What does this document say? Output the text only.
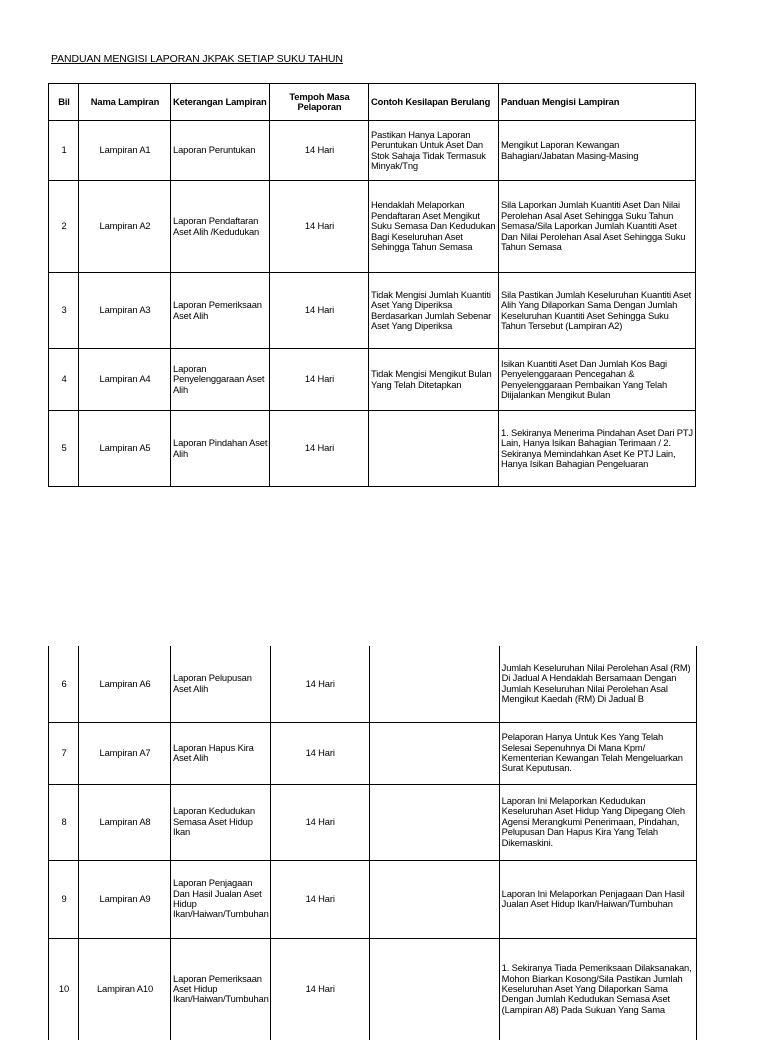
PANDUAN MENGISI LAPORAN JKPAK SETIAP SUKU TAHUN
Bil	Nama Lampiran	Keterangan Lampiran	Tempoh Masa Pelaporan	Contoh Kesilapan Berulang	Panduan Mengisi Lampiran
1	Lampiran A1	Laporan Peruntukan	14 Hari	Pastikan Hanya Laporan Peruntukan Untuk Aset Dan Stok Sahaja Tidak Termasuk Minyak/Tng	Mengikut Laporan Kewangan Bahagian/Jabatan Masing-Masing
2	Lampiran A2	Laporan Pendaftaran Aset Alih /Kedudukan	14 Hari	Hendaklah Melaporkan Pendaftaran Aset Mengikut Suku Semasa Dan Kedudukan Bagi Keseluruhan Aset Sehingga Tahun Semasa	Sila Laporkan Jumlah Kuantiti Aset Dan Nilai Perolehan Asal Aset Sehingga Suku Tahun Semasa/Sila Laporkan Jumlah Kuantiti Aset Dan Nilai Perolehan Asal Aset Sehingga Suku Tahun Semasa
3	Lampiran A3	Laporan Pemeriksaan Aset Alih	14 Hari	Tidak Mengisi Jumlah Kuantiti Aset Yang Diperiksa Berdasarkan Jumlah Sebenar Aset Yang Diperiksa	Sila Pastikan Jumlah Keseluruhan Kuantiti Aset Alih Yang Dilaporkan Sama Dengan Jumlah Keseluruhan Kuantiti Aset Sehingga Suku Tahun Tersebut (Lampiran A2)
4	Lampiran A4	Laporan Penyelenggaraan Aset Alih	14 Hari	Tidak Mengisi Mengikut Bulan Yang Telah Ditetapkan	Isikan Kuantiti Aset Dan Jumlah Kos Bagi Penyelenggaraan Pencegahan & Penyelenggaraan Pembaikan Yang Telah Diijalankan Mengikut Bulan
5	Lampiran A5	Laporan Pindahan Aset Alih	14 Hari		1. Sekiranya Menerima Pindahan Aset Dari PTJ Lain, Hanya Isikan Bahagian Terimaan / 2. Sekiranya Memindahkan Aset Ke PTJ Lain, Hanya Isikan Bahagian Pengeluaran
6	Lampiran A6	Laporan Pelupusan Aset Alih	14 Hari		Jumlah Keseluruhan Nilai Perolehan Asal (RM) Di Jadual A Hendaklah Bersamaan Dengan Jumlah Keseluruhan Nilai Perolehan Asal Mengikut Kaedah (RM) Di Jadual B
7	Lampiran A7	Laporan Hapus Kira Aset Alih	14 Hari		Pelaporan Hanya Untuk Kes Yang Telah Selesai Sepenuhnya Di Mana Kpm/ Kementerian Kewangan Telah Mengeluarkan Surat Keputusan.
8	Lampiran A8	Laporan Kedudukan Semasa Aset Hidup Ikan	14 Hari		Laporan Ini Melaporkan Kedudukan Keseluruhan Aset Hidup Yang Dipegang Oleh Agensi Merangkumi Penerimaan, Pindahan, Pelupusan Dan Hapus Kira Yang Telah Dikemaskini.
9	Lampiran A9	Laporan Penjagaan Dan Hasil Jualan Aset Hidup Ikan/Haiwan/Tumbuhan	14 Hari		Laporan Ini Melaporkan Penjagaan Dan Hasil Jualan Aset Hidup Ikan/Haiwan/Tumbuhan
10	Lampiran A10	Laporan Pemeriksaan Aset Hidup Ikan/Haiwan/Tumbuhan	14 Hari		1. Sekiranya Tiada Pemeriksaan Dilaksanakan, Mohon Biarkan Kosong/Sila Pastikan Jumlah Keseluruhan Aset Yang Dilaporkan Sama Dengan Jumlah Kedudukan Semasa Aset (Lampiran A8) Pada Sukuan Yang Sama
